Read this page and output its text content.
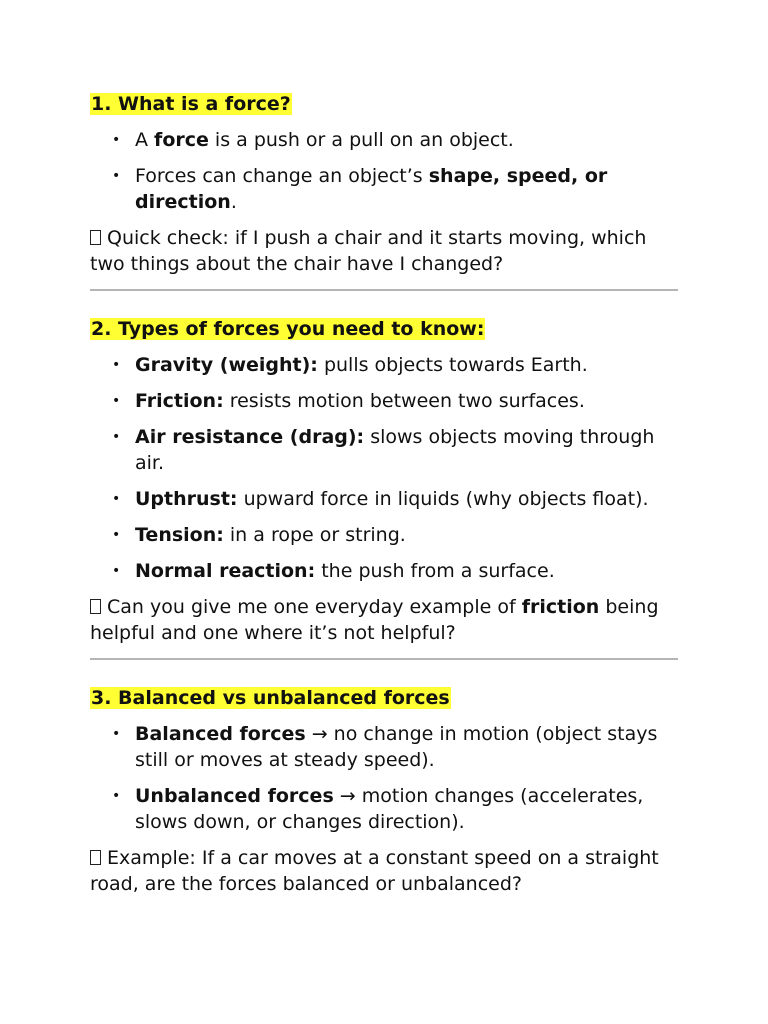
1. What is a force?
• A force is a push or a pull on an object.
• Forces can change an object’s shape, speed, or direction.

Quick check: if I push a chair and it starts moving, which two things about the chair have I changed?

2. Types of forces you need to know:
• Gravity (weight): pulls objects towards Earth.
• Friction: resists motion between two surfaces.
• Air resistance (drag): slows objects moving through air.
• Upthrust: upward force in liquids (why objects float).
• Tension: in a rope or string.
• Normal reaction: the push from a surface.

Can you give me one everyday example of friction being helpful and one where it’s not helpful?

3. Balanced vs unbalanced forces
• Balanced forces → no change in motion (object stays still or moves at steady speed).
• Unbalanced forces → motion changes (accelerates, slows down, or changes direction).

Example: If a car moves at a constant speed on a straight road, are the forces balanced or unbalanced?
